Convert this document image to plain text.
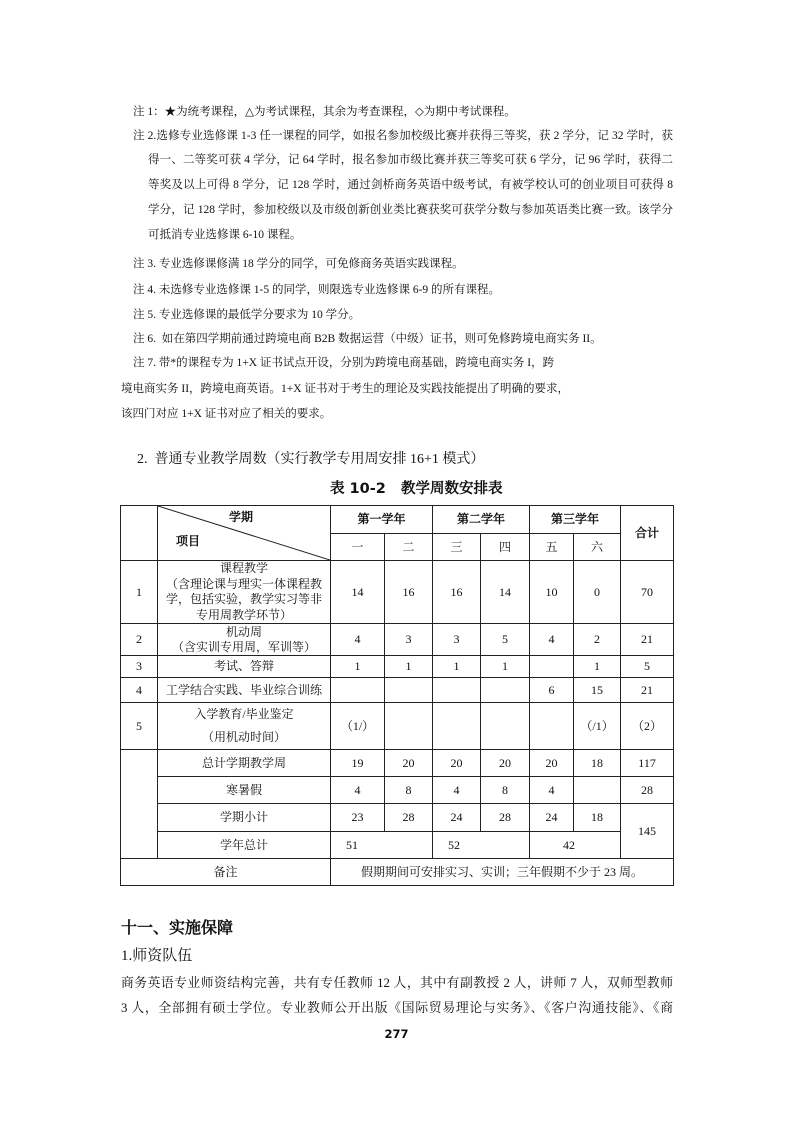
注 1：★为统考课程，△为考试课程，其余为考查课程，◇为期中考试课程。
注 2.选修专业选修课 1-3 任一课程的同学，如报名参加校级比赛并获得三等奖，获 2 学分，记 32 学时，获
得一、二等奖可获 4 学分，记 64 学时，报名参加市级比赛并获三等奖可获 6 学分，记 96 学时，获得二
等奖及以上可得 8 学分，记 128 学时，通过剑桥商务英语中级考试，有被学校认可的创业项目可获得 8
学分，记 128 学时，参加校级以及市级创新创业类比赛获奖可获学分数与参加英语类比赛一致。该学分
可抵消专业选修课 6-10 课程。
注 3. 专业选修课修满 18 学分的同学，可免修商务英语实践课程。
注 4. 未选修专业选修课 1-5 的同学，则限选专业选修课 6-9 的所有课程。
注 5. 专业选修课的最低学分要求为 10 学分。
注 6.  如在第四学期前通过跨境电商 B2B 数据运营（中级）证书，则可免修跨境电商实务 II。
注 7. 带*的课程专为 1+X 证书试点开设，分别为跨境电商基础，跨境电商实务 I，跨
境电商实务 II，跨境电商英语。1+X 证书对于考生的理论及实践技能提出了明确的要求，
该四门对应 1+X 证书对应了相关的要求。
2.  普通专业教学周数（实行教学专用周安排 16+1 模式）
表 10-2   教学周数安排表

	学期
项目	第一学年		第二学年		第三学年		合计
		一	二	三	四	五	六	
1	课程教学
（含理论课与理实一体课程教
学，包括实验，教学实习等非
专用周教学环节）	14	16	16	14	10	0	70
2	机动周
（含实训专用周，军训等）	4	3	3	5	4	2	21
3	考试、答辩	1	1	1	1		1	5
4	工学结合实践、毕业综合训练					6	15	21
5	入学教育/毕业鉴定
（用机动时间）	（1/）					（/1）	（2）
	总计学期教学周	19	20	20	20	20	18	117
	寒暑假	4	8	4	8	4		28
	学期小计	23	28	24	28	24	18	145
	学年总计	51		52		42		
备注		假期期间可安排实习、实训；三年假期不少于 23 周。						
十一、实施保障
1.师资队伍
商务英语专业师资结构完善，共有专任教师 12 人，其中有副教授 2 人，讲师 7 人，双师型教师
3 人，全部拥有硕士学位。专业教师公开出版《国际贸易理论与实务》、《客户沟通技能》、《商
277
